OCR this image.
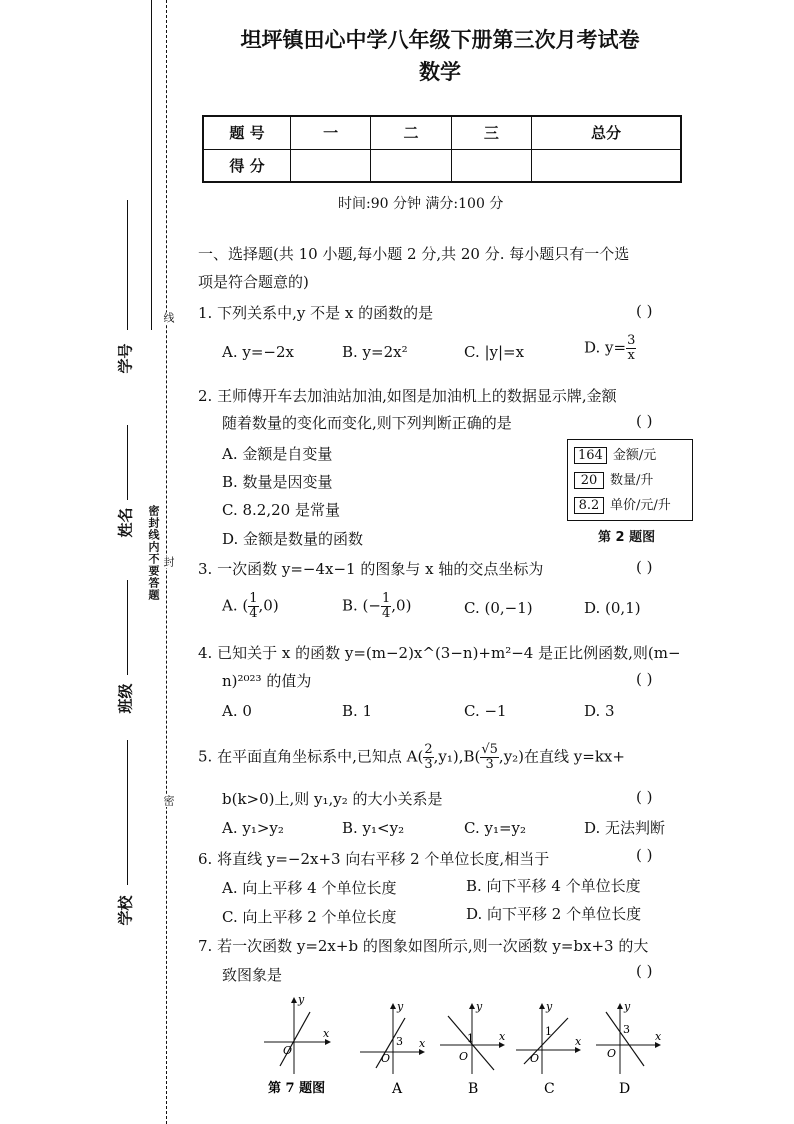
坦坪镇田心中学八年级下册第三次月考试卷
数学
题 号	一	二	三	总分
得 分				
时间:90 分钟 满分:100 分
学号
姓名
班级
学校
线
密封线内不要答题 封
密
一、选择题(共 10 小题,每小题 2 分,共 20 分. 每小题只有一个选
项是符合题意的)
1. 下列关系中,y 不是 x 的函数的是	( )
A. y=−2x	B. y=2x²	C. |y|=x	D. $y= \frac{3}{x}$
2. 王师傅开车去加油站加油,如图是加油机上的数据显示牌,金额
随着数量的变化而变化,则下列判断正确的是	( )
A. 金额是自变量
B. 数量是因变量
C. 8.2,20 是常量
D. 金额是数量的函数
164 金额/元
20 数量/升
8.2 单价/元/升
第 2 题图
3. 一次函数 y=−4x−1 的图象与 x 轴的交点坐标为	( )
A. ( $\frac{1}{4} ,0$)	B. (− $\frac{1}{4} ,0$)	C. (0,−1)	D. (0,1)
4. 已知关于 x 的函数 y=(m−2)x^(3−n)+m²−4 是正比例函数,则(m−
n)²⁰²³ 的值为	( )
A. 0	B. 1	C. −1	D. 3
5. 在平面直角坐标系中,已知点 $A( \frac{2}{3} ,y_1),B( \frac{√5}{3} ,y_2)$在直线 y=kx+
b(k>0)上,则 y₁,y₂ 的大小关系是	( )
A. y₁>y₂	B. y₁<y₂	C. y₁=y₂	D. 无法判断
6. 将直线 y=−2x+3 向右平移 2 个单位长度,相当于	( )
A. 向上平移 4 个单位长度	B. 向下平移 4 个单位长度
C. 向上平移 2 个单位长度	D. 向下平移 2 个单位长度
7. 若一次函数 y=2x+b 的图象如图所示,则一次函数 y=bx+3 的大
致图象是	( )
x
y
O
3 x
y
O
1 x
y
O
1
x
y
O
3
x
y
O
第 7 题图	A	B	C	D
